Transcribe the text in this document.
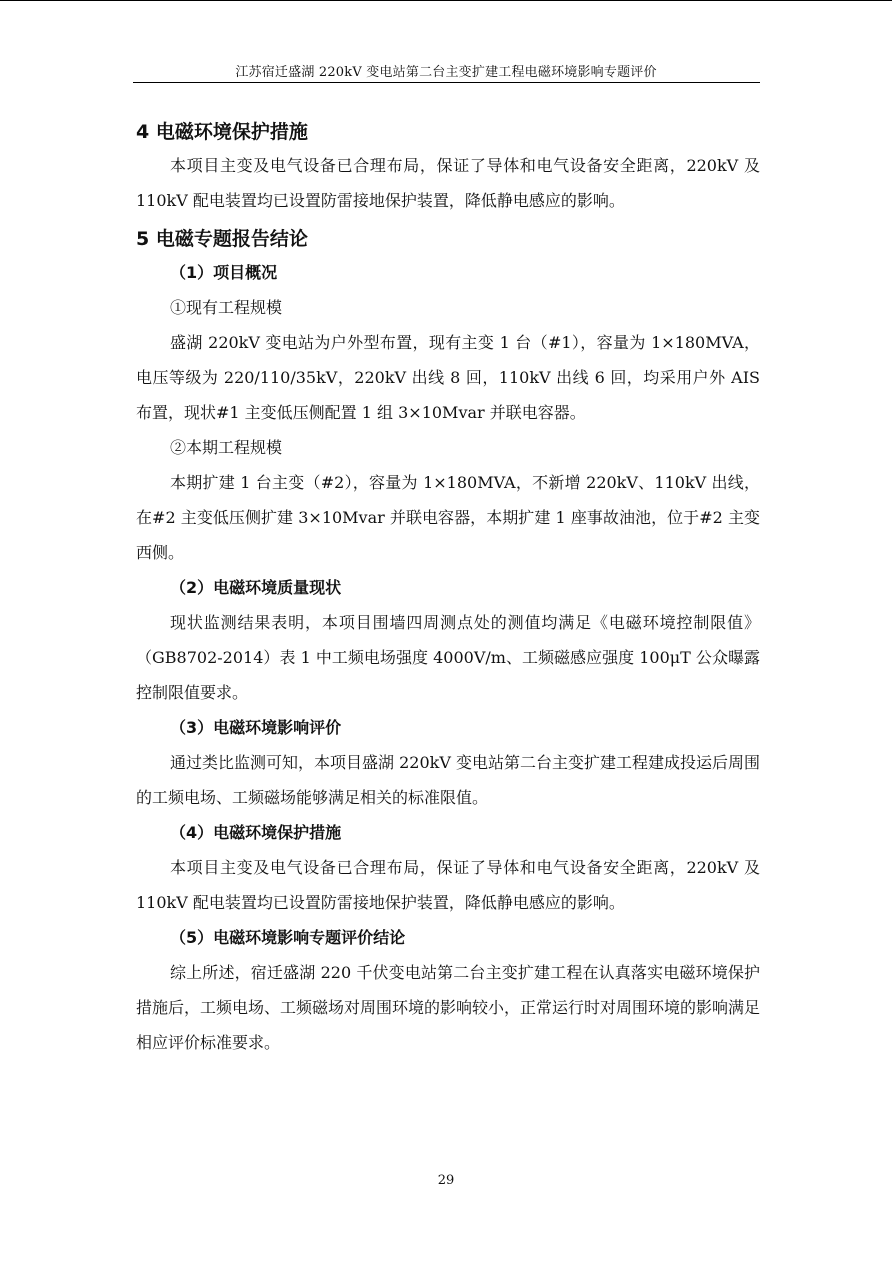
江苏宿迁盛湖 220kV 变电站第二台主变扩建工程电磁环境影响专题评价
4 电磁环境保护措施

本项目主变及电气设备已合理布局，保证了导体和电气设备安全距离，220kV 及 110kV 配电装置均已设置防雷接地保护装置，降低静电感应的影响。

5 电磁专题报告结论

（1）项目概况

①现有工程规模

盛湖 220kV 变电站为户外型布置，现有主变 1 台（#1），容量为 1×180MVA，电压等级为 220/110/35kV，220kV 出线 8 回，110kV 出线 6 回，均采用户外 AIS 布置，现状#1 主变低压侧配置 1 组 3×10Mvar 并联电容器。

②本期工程规模

本期扩建 1 台主变（#2），容量为 1×180MVA，不新增 220kV、110kV 出线，在#2 主变低压侧扩建 3×10Mvar 并联电容器，本期扩建 1 座事故油池，位于#2 主变西侧。

（2）电磁环境质量现状

现状监测结果表明，本项目围墙四周测点处的测值均满足《电磁环境控制限值》（GB8702-2014）表 1 中工频电场强度 4000V/m、工频磁感应强度 100μT 公众曝露控制限值要求。

（3）电磁环境影响评价

通过类比监测可知，本项目盛湖 220kV 变电站第二台主变扩建工程建成投运后周围的工频电场、工频磁场能够满足相关的标准限值。

（4）电磁环境保护措施

本项目主变及电气设备已合理布局，保证了导体和电气设备安全距离，220kV 及 110kV 配电装置均已设置防雷接地保护装置，降低静电感应的影响。

（5）电磁环境影响专题评价结论

综上所述，宿迁盛湖 220 千伏变电站第二台主变扩建工程在认真落实电磁环境保护措施后，工频电场、工频磁场对周围环境的影响较小，正常运行时对周围环境的影响满足相应评价标准要求。

29
